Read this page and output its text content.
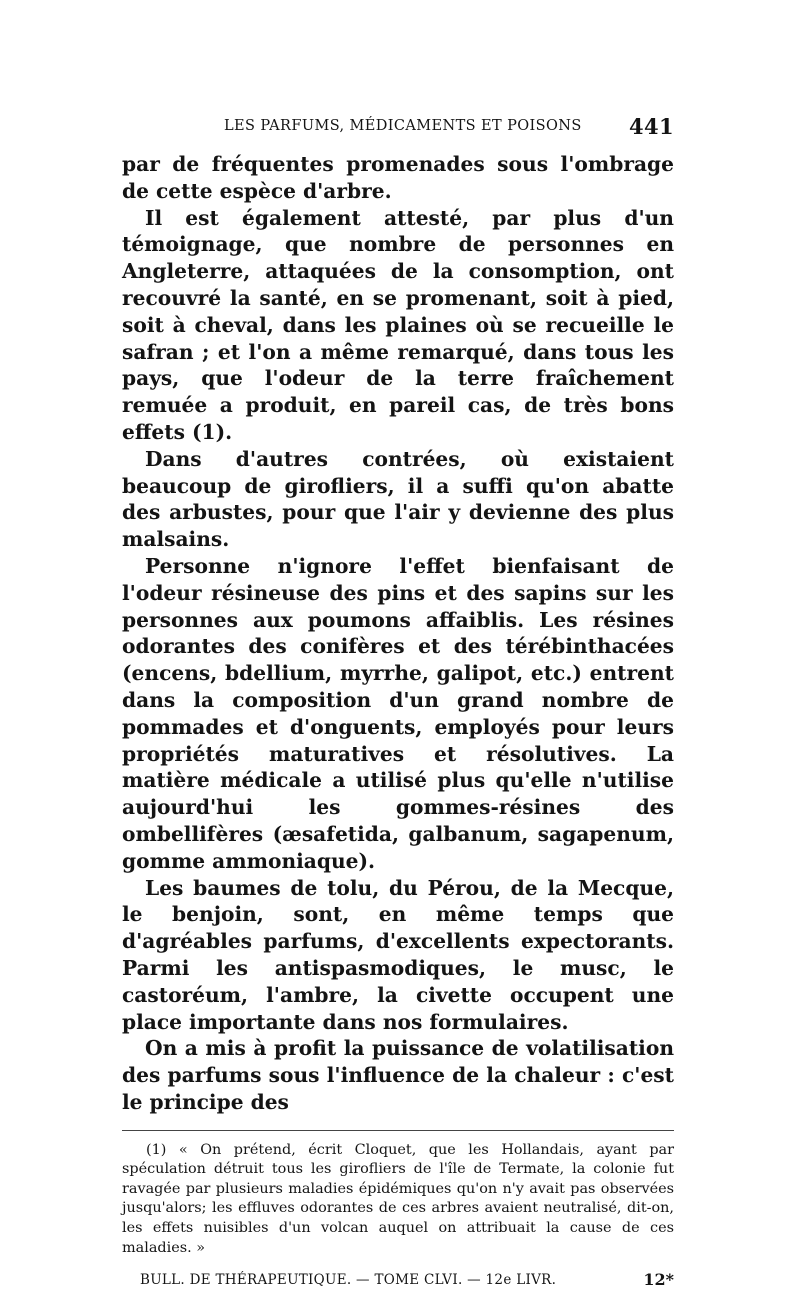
LES PARFUMS, MÉDICAMENTS ET POISONS 441

par de fréquentes promenades sous l'ombrage de cette espèce d'arbre.

Il est également attesté, par plus d'un témoignage, que nombre de personnes en Angleterre, attaquées de la consomption, ont recouvré la santé, en se promenant, soit à pied, soit à cheval, dans les plaines où se recueille le safran ; et l'on a même remarqué, dans tous les pays, que l'odeur de la terre fraîchement remuée a produit, en pareil cas, de très bons effets (1).

Dans d'autres contrées, où existaient beaucoup de girofliers, il a suffi qu'on abatte des arbustes, pour que l'air y devienne des plus malsains.

Personne n'ignore l'effet bienfaisant de l'odeur résineuse des pins et des sapins sur les personnes aux poumons affaiblis. Les résines odorantes des conifères et des térébinthacées (encens, bdellium, myrrhe, galipot, etc.) entrent dans la composition d'un grand nombre de pommades et d'onguents, employés pour leurs propriétés maturatives et résolutives. La matière médicale a utilisé plus qu'elle n'utilise aujourd'hui les gommes-résines des ombellifères (æsafetida, galbanum, sagapenum, gomme ammoniaque).

Les baumes de tolu, du Pérou, de la Mecque, le benjoin, sont, en même temps que d'agréables parfums, d'excellents expectorants. Parmi les antispasmodiques, le musc, le castoréum, l'ambre, la civette occupent une place importante dans nos formulaires.

On a mis à profit la puissance de volatilisation des parfums sous l'influence de la chaleur : c'est le principe des

(1) « On prétend, écrit Cloquet, que les Hollandais, ayant par spéculation détruit tous les girofliers de l'île de Termate, la colonie fut ravagée par plusieurs maladies épidémiques qu'on n'y avait pas observées jusqu'alors; les effluves odorantes de ces arbres avaient neutralisé, dit-on, les effets nuisibles d'un volcan auquel on attribuait la cause de ces maladies. »
BULL. DE THÉRAPEUTIQUE. — TOME CLVI. — 12e LIVR.	12*
